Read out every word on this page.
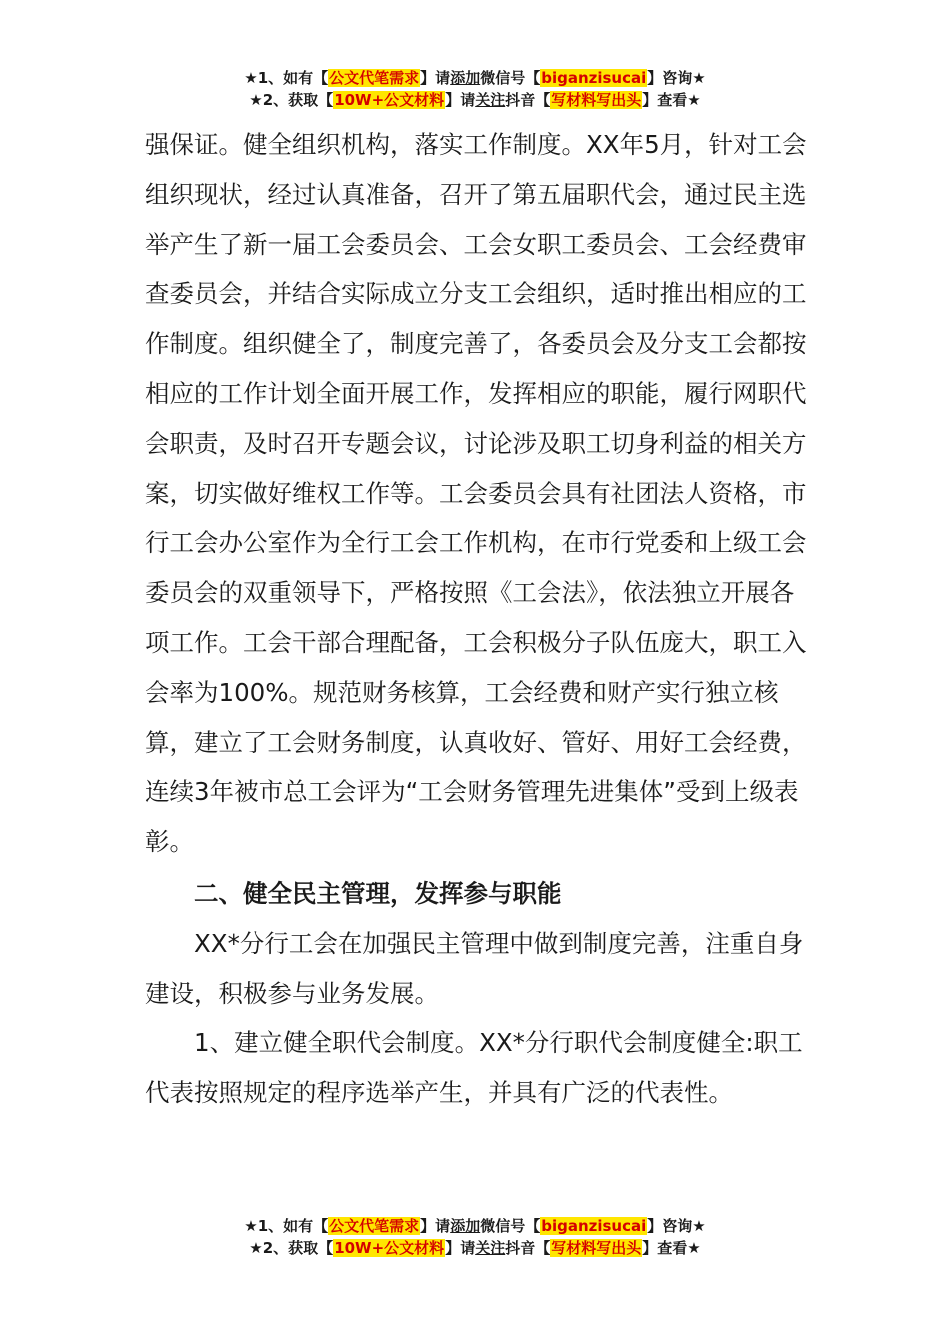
★1、如有【公文代笔需求】请添加微信号【biganzisucai】咨询★
★2、获取【10W+公文材料】请关注抖音【写材料写出头】查看★

强保证。健全组织机构，落实工作制度。XX年5月，针对工会组织现状，经过认真准备，召开了第五届职代会，通过民主选举产生了新一届工会委员会、工会女职工委员会、工会经费审查委员会，并结合实际成立分支工会组织，适时推出相应的工作制度。组织健全了，制度完善了，各委员会及分支工会都按相应的工作计划全面开展工作，发挥相应的职能，履行网职代会职责，及时召开专题会议，讨论涉及职工切身利益的相关方案，切实做好维权工作等。工会委员会具有社团法人资格，市行工会办公室作为全行工会工作机构，在市行党委和上级工会委员会的双重领导下，严格按照《工会法》，依法独立开展各项工作。工会干部合理配备，工会积极分子队伍庞大，职工入会率为100%。规范财务核算，工会经费和财产实行独立核算，建立了工会财务制度，认真收好、管好、用好工会经费，连续3年被市总工会评为“工会财务管理先进集体”受到上级表彰。

二、健全民主管理，发挥参与职能

XX*分行工会在加强民主管理中做到制度完善，注重自身建设，积极参与业务发展。

1、建立健全职代会制度。XX*分行职代会制度健全:职工代表按照规定的程序选举产生，并具有广泛的代表性。

★1、如有【公文代笔需求】请添加微信号【biganzisucai】咨询★
★2、获取【10W+公文材料】请关注抖音【写材料写出头】查看★
